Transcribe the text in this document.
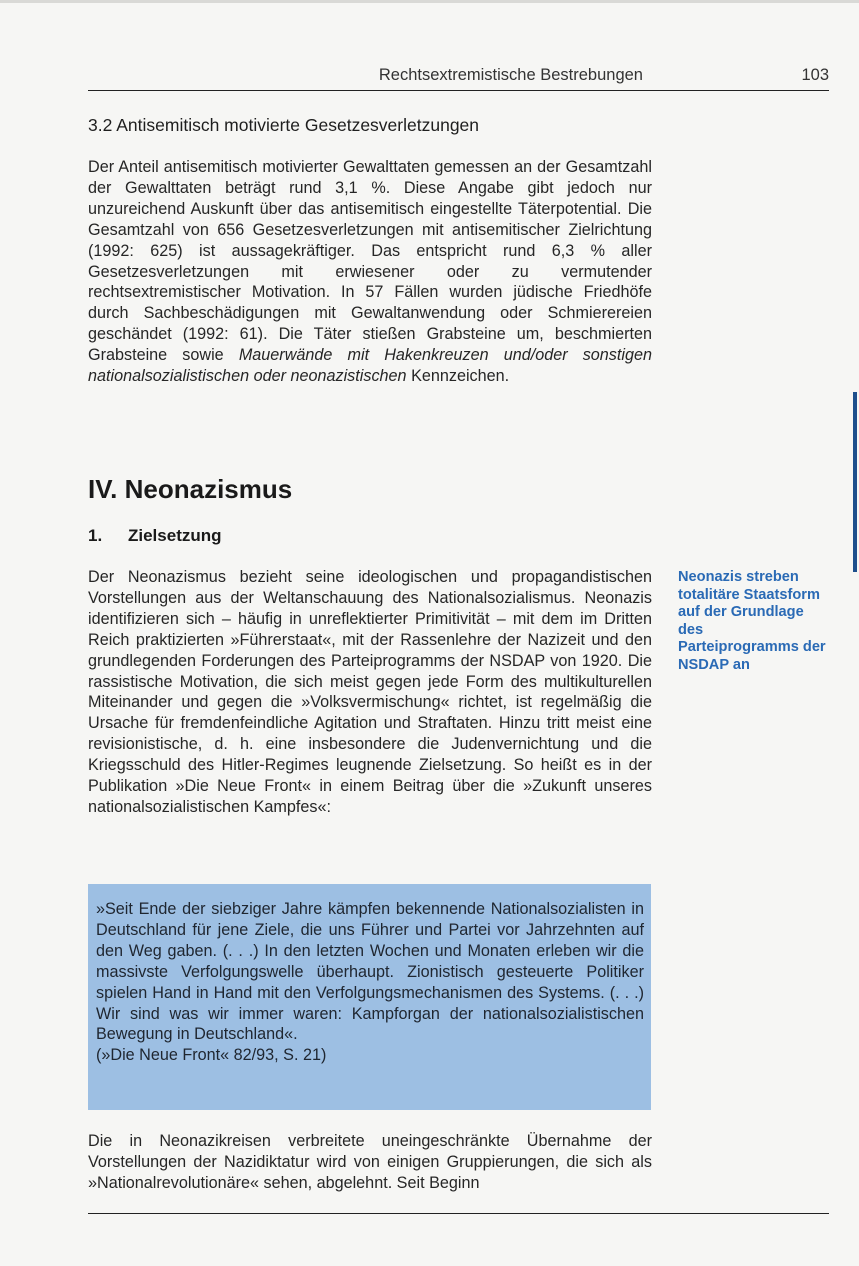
Rechtsextremistische Bestrebungen	103
3.2 Antisemitisch motivierte Gesetzesverletzungen
Der Anteil antisemitisch motivierter Gewalttaten gemessen an der Gesamtzahl der Gewalttaten beträgt rund 3,1 %. Diese Angabe gibt jedoch nur unzureichend Auskunft über das antisemitisch eingestellte Täterpotential. Die Gesamtzahl von 656 Gesetzesverletzungen mit antisemitischer Zielrichtung (1992: 625) ist aussagekräftiger. Das entspricht rund 6,3 % aller Gesetzesverletzungen mit erwiesener oder zu vermutender rechtsextremistischer Motivation. In 57 Fällen wurden jüdische Friedhöfe durch Sachbeschädigungen mit Gewaltanwendung oder Schmierereien geschändet (1992: 61). Die Täter stießen Grabsteine um, beschmierten Grabsteine sowie Mauerwände mit Hakenkreuzen und/oder sonstigen nationalsozialistischen oder neonazistischen Kennzeichen.
IV. Neonazismus
1. Zielsetzung
Der Neonazismus bezieht seine ideologischen und propagandistischen Vorstellungen aus der Weltanschauung des Nationalsozialismus. Neonazis identifizieren sich – häufig in unreflektierter Primitivität – mit dem im Dritten Reich praktizierten »Führerstaat«, mit der Rassenlehre der Nazizeit und den grundlegenden Forderungen des Parteiprogramms der NSDAP von 1920. Die rassistische Motivation, die sich meist gegen jede Form des multikulturellen Miteinander und gegen die »Volksvermischung« richtet, ist regelmäßig die Ursache für fremdenfeindliche Agitation und Straftaten. Hinzu tritt meist eine revisionistische, d. h. eine insbesondere die Judenvernichtung und die Kriegsschuld des Hitler-Regimes leugnende Zielsetzung. So heißt es in der Publikation »Die Neue Front« in einem Beitrag über die »Zukunft unseres nationalsozialistischen Kampfes«:
Neonazis streben totalitäre Staatsform auf der Grundlage des Parteiprogramms der NSDAP an
»Seit Ende der siebziger Jahre kämpfen bekennende Nationalsozialisten in Deutschland für jene Ziele, die uns Führer und Partei vor Jahrzehnten auf den Weg gaben. (. . .) In den letzten Wochen und Monaten erleben wir die massivste Verfolgungswelle überhaupt. Zionistisch gesteuerte Politiker spielen Hand in Hand mit den Verfolgungsmechanismen des Systems. (. . .) Wir sind was wir immer waren: Kampforgan der nationalsozialistischen Bewegung in Deutschland«.
(»Die Neue Front« 82/93, S. 21)
Die in Neonazikreisen verbreitete uneingeschränkte Übernahme der Vorstellungen der Nazidiktatur wird von einigen Gruppierungen, die sich als »Nationalrevolutionäre« sehen, abgelehnt. Seit Beginn
